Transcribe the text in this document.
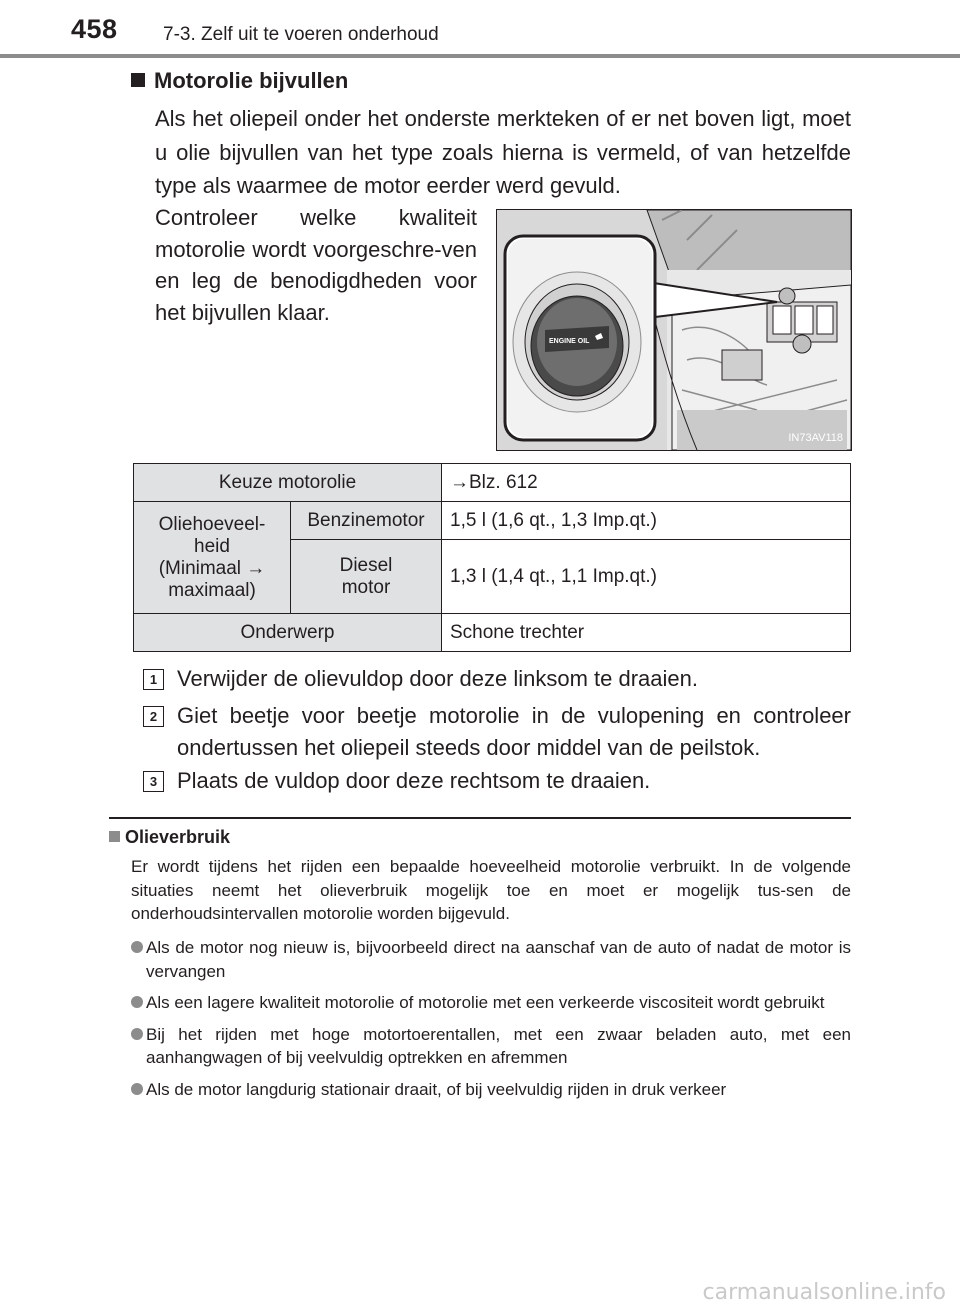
458 7-3. Zelf uit te voeren onderhoud
Motorolie bijvullen

Als het oliepeil onder het onderste merkteken of er net boven ligt, moet u olie bijvullen van het type zoals hierna is vermeld, of van hetzelfde type als waarmee de motor eerder werd gevuld.

Controleer welke kwaliteit motorolie wordt voorgeschre-ven en leg de benodigdheden voor het bijvullen klaar.

ENGINE OIL
IN73AV118
Keuze motorolie		→Blz. 612
Oliehoeveel-
heid
(Minimaal →
maximaal)	Benzinemotor	1,5 l (1,6 qt., 1,3 Imp.qt.)
	Diesel
motor	1,3 l (1,4 qt., 1,1 Imp.qt.)
Onderwerp		Schone trechter
1 Verwijder de olievuldop door deze linksom te draaien.
2 Giet beetje voor beetje motorolie in de vulopening en controleer ondertussen het oliepeil steeds door middel van de peilstok.
3 Plaats de vuldop door deze rechtsom te draaien.
Olieverbruik

Er wordt tijdens het rijden een bepaalde hoeveelheid motorolie verbruikt. In de volgende situaties neemt het olieverbruik mogelijk toe en moet er mogelijk tus-sen de onderhoudsintervallen motorolie worden bijgevuld.

Als de motor nog nieuw is, bijvoorbeeld direct na aanschaf van de auto of nadat de motor is vervangen
Als een lagere kwaliteit motorolie of motorolie met een verkeerde viscositeit wordt gebruikt
Bij het rijden met hoge motortoerentallen, met een zwaar beladen auto, met een aanhangwagen of bij veelvuldig optrekken en afremmen
Als de motor langdurig stationair draait, of bij veelvuldig rijden in druk verkeer
carmanualsonline.info
